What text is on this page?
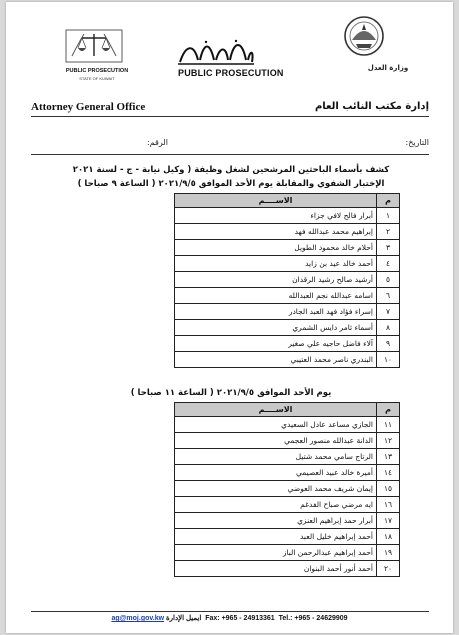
وزارة العدل
PUBLIC PROSECUTION
PUBLIC PROSECUTION
STATE OF KUWAIT
Attorney General Office	إدارة مكتب النائب العام
التاريخ:
الرقم:
كشف بأسماء الباحثين المرشحين لشغل وظيفة ( وكيل نيابة - ج - لسنة ٢٠٢١
الإختبار الشفوي والمقابلة يوم الأحد الموافق ٢٠٢١/٩/٥ ( الساعة ٩ صباحا )
م	الاســــم
١	أبرار فالح لافي جزاء
٢	إبراهيم محمد عبدالله فهد
٣	أحلام خالد محمود الطويل
٤	أحمد خالد عيد بن زايد
٥	أرشيد صالح رشيد الرقدان
٦	اسامه عبدالله نجم العبدالله
٧	إسراء فؤاد فهد العبد الجادر
٨	أسماء ثامر دايس الشمري
٩	آلاء فاضل حاجيه علي صغير
١٠	البندري ناصر محمد العتيبي
يوم الأحد الموافق ٢٠٢١/٩/٥ ( الساعة ١١ صباحا )
م	الاســــم
١١	الجازي مساعد عادل السعيدي
١٢	الدانة عبدالله منصور العجمي
١٣	الرتاج سامي محمد شتيل
١٤	أميرة خالد عبيد العصيمي
١٥	إيمان شريف محمد العوضي
١٦	ايه مرضي صباح الفدغم
١٧	أبرار حمد إبراهيم العنزي
١٨	أحمد إبراهيم خليل العبد
١٩	أحمد إبراهيم عبدالرحمن الباز
٢٠	أحمد أنور أحمد البنوان
ag@moj.gov.kw ايميل الإدارة Fax: +965 - 24913361 Tel.: +965 - 24629909
